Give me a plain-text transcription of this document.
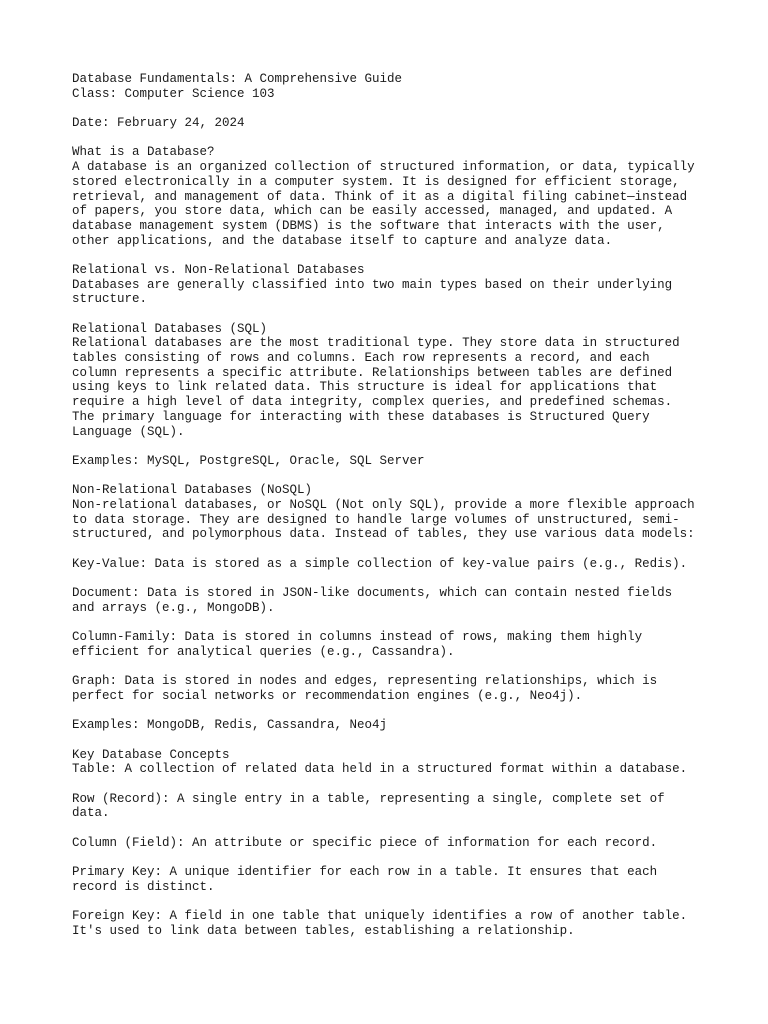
Database Fundamentals: A Comprehensive Guide
Class: Computer Science 103
Date: February 24, 2024
What is a Database?
A database is an organized collection of structured information, or data, typically
stored electronically in a computer system. It is designed for efficient storage,
retrieval, and management of data. Think of it as a digital filing cabinet—instead
of papers, you store data, which can be easily accessed, managed, and updated. A
database management system (DBMS) is the software that interacts with the user,
other applications, and the database itself to capture and analyze data.
Relational vs. Non-Relational Databases
Databases are generally classified into two main types based on their underlying
structure.
Relational Databases (SQL)
Relational databases are the most traditional type. They store data in structured
tables consisting of rows and columns. Each row represents a record, and each
column represents a specific attribute. Relationships between tables are defined
using keys to link related data. This structure is ideal for applications that
require a high level of data integrity, complex queries, and predefined schemas.
The primary language for interacting with these databases is Structured Query
Language (SQL).
Examples: MySQL, PostgreSQL, Oracle, SQL Server
Non-Relational Databases (NoSQL)
Non-relational databases, or NoSQL (Not only SQL), provide a more flexible approach
to data storage. They are designed to handle large volumes of unstructured, semi-
structured, and polymorphous data. Instead of tables, they use various data models:
Key-Value: Data is stored as a simple collection of key-value pairs (e.g., Redis).
Document: Data is stored in JSON-like documents, which can contain nested fields
and arrays (e.g., MongoDB).
Column-Family: Data is stored in columns instead of rows, making them highly
efficient for analytical queries (e.g., Cassandra).
Graph: Data is stored in nodes and edges, representing relationships, which is
perfect for social networks or recommendation engines (e.g., Neo4j).
Examples: MongoDB, Redis, Cassandra, Neo4j
Key Database Concepts
Table: A collection of related data held in a structured format within a database.
Row (Record): A single entry in a table, representing a single, complete set of
data.
Column (Field): An attribute or specific piece of information for each record.
Primary Key: A unique identifier for each row in a table. It ensures that each
record is distinct.
Foreign Key: A field in one table that uniquely identifies a row of another table.
It's used to link data between tables, establishing a relationship.
